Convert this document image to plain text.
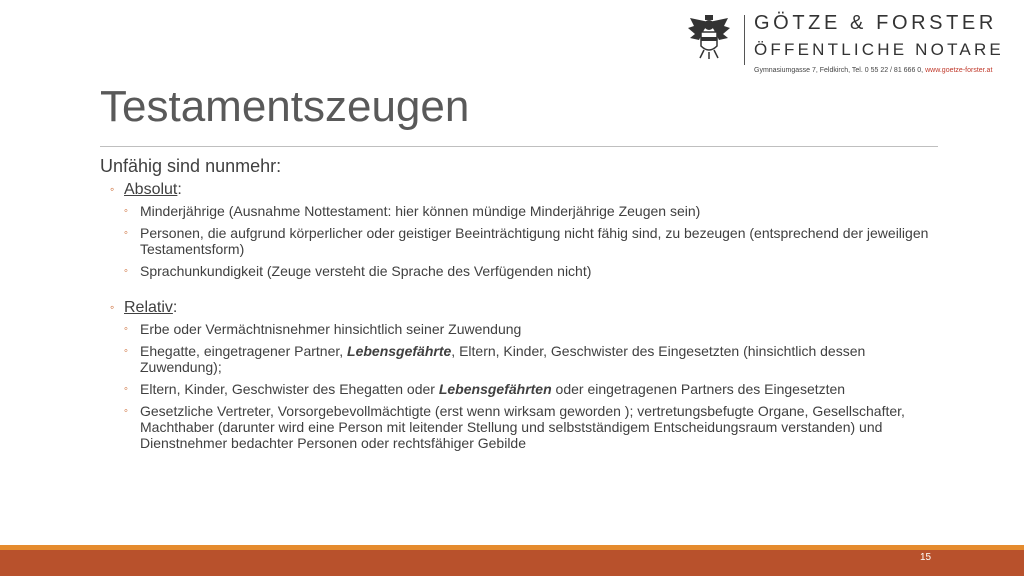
GÖTZE & FORSTER
ÖFFENTLICHE NOTARE
Gymnasiumgasse 7, Feldkirch, Tel. 0 55 22 / 81 666 0, www.goetze-forster.at
Testamentszeugen

Unfähig sind nunmehr:

◦ Absolut:
◦ Minderjährige (Ausnahme Nottestament: hier können mündige Minderjährige Zeugen sein)
◦ Personen, die aufgrund körperlicher oder geistiger Beeinträchtigung nicht fähig sind, zu bezeugen (entsprechend der jeweiligen Testamentsform)
◦ Sprachunkundigkeit (Zeuge versteht die Sprache des Verfügenden nicht)
◦ Relativ:
◦ Erbe oder Vermächtnisnehmer hinsichtlich seiner Zuwendung
◦ Ehegatte, eingetragener Partner, Lebensgefährte, Eltern, Kinder, Geschwister des Eingesetzten (hinsichtlich dessen Zuwendung);
◦ Eltern, Kinder, Geschwister des Ehegatten oder Lebensgefährten oder eingetragenen Partners des Eingesetzten
◦ Gesetzliche Vertreter, Vorsorgebevollmächtigte (erst wenn wirksam geworden ); vertretungsbefugte Organe, Gesellschafter, Machthaber (darunter wird eine Person mit leitender Stellung und selbstständigem Entscheidungsraum verstanden) und Dienstnehmer bedachter Personen oder rechtsfähiger Gebilde
15
